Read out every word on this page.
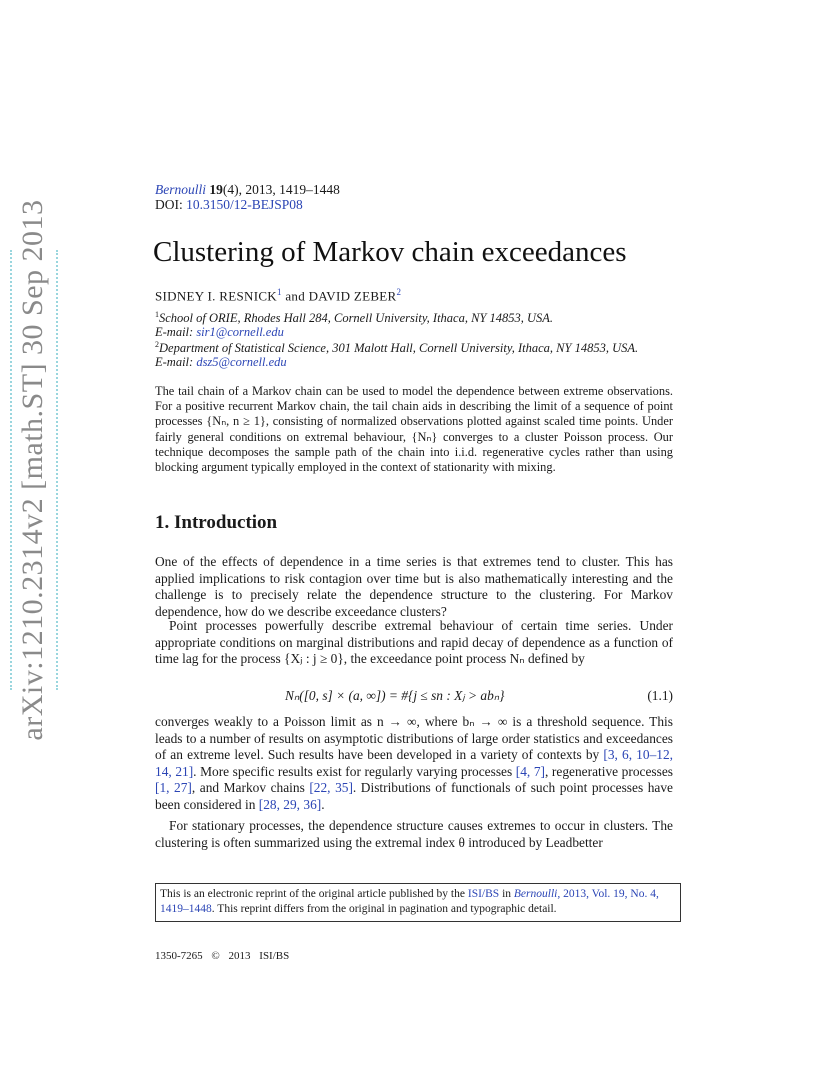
arXiv:1210.2314v2 [math.ST] 30 Sep 2013
Bernoulli 19(4), 2013, 1419–1448
DOI: 10.3150/12-BEJSP08
Clustering of Markov chain exceedances
SIDNEY I. RESNICK$^1$ and DAVID ZEBER$^2$
$^1$School of ORIE, Rhodes Hall 284, Cornell University, Ithaca, NY 14853, USA.
E-mail: sir1@cornell.edu
$^2$Department of Statistical Science, 301 Malott Hall, Cornell University, Ithaca, NY 14853, USA.
E-mail: dsz5@cornell.edu
The tail chain of a Markov chain can be used to model the dependence between extreme observations. For a positive recurrent Markov chain, the tail chain aids in describing the limit of a sequence of point processes {Nₙ, n ≥ 1}, consisting of normalized observations plotted against scaled time points. Under fairly general conditions on extremal behaviour, {Nₙ} converges to a cluster Poisson process. Our technique decomposes the sample path of the chain into i.i.d. regenerative cycles rather than using blocking argument typically employed in the context of stationarity with mixing.
1. Introduction
One of the effects of dependence in a time series is that extremes tend to cluster. This has applied implications to risk contagion over time but is also mathematically interesting and the challenge is to precisely relate the dependence structure to the clustering. For Markov dependence, how do we describe exceedance clusters?
Point processes powerfully describe extremal behaviour of certain time series. Under appropriate conditions on marginal distributions and rapid decay of dependence as a function of time lag for the process {Xⱼ : j ≥ 0}, the exceedance point process Nₙ defined by
Nₙ([0, s] × (a, ∞]) = #{j ≤ sn : Xⱼ > abₙ}	(1.1)
converges weakly to a Poisson limit as n → ∞, where bₙ → ∞ is a threshold sequence. This leads to a number of results on asymptotic distributions of large order statistics and exceedances of an extreme level. Such results have been developed in a variety of contexts by [3, 6, 10–12, 14, 21]. More specific results exist for regularly varying processes [4, 7], regenerative processes [1, 27], and Markov chains [22, 35]. Distributions of functionals of such point processes have been considered in [28, 29, 36].
For stationary processes, the dependence structure causes extremes to occur in clusters. The clustering is often summarized using the extremal index θ introduced by Leadbetter
This is an electronic reprint of the original article published by the ISI/BS in Bernoulli, 2013, Vol. 19, No. 4, 1419–1448. This reprint differs from the original in pagination and typographic detail.
1350-7265 © 2013 ISI/BS
